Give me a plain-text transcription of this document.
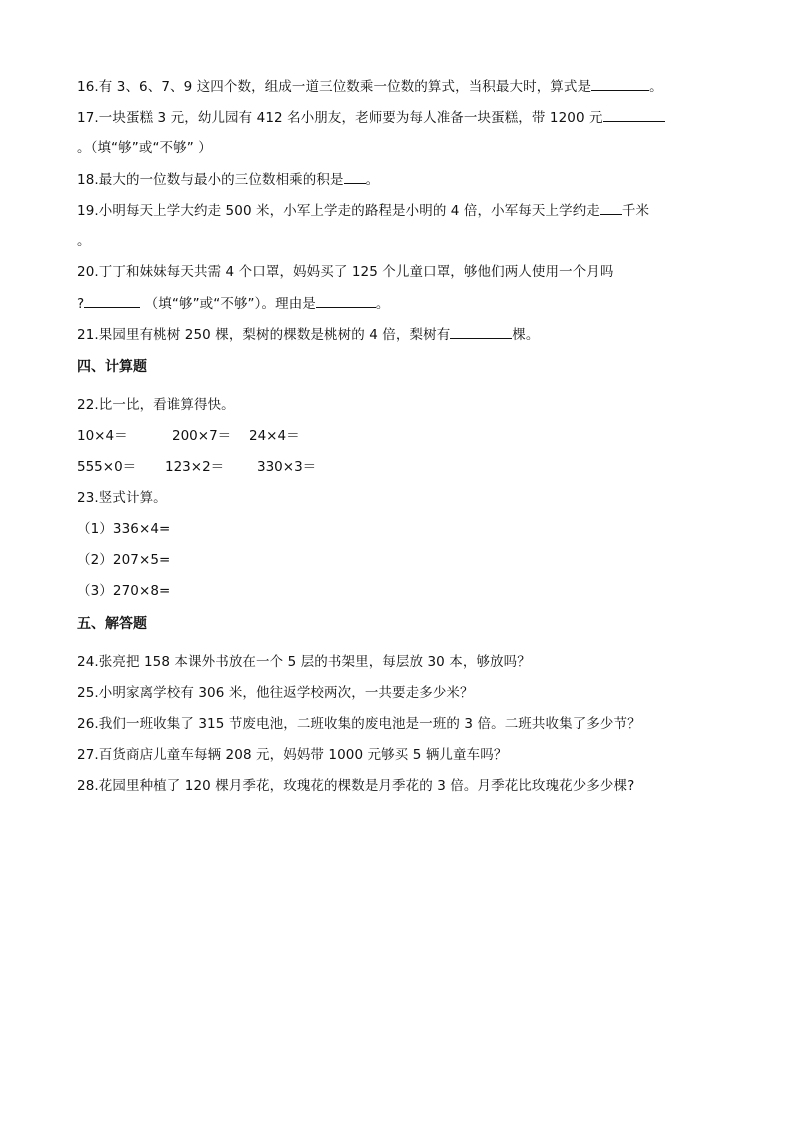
16.有 3、6、7、9 这四个数，组成一道三位数乘一位数的算式，当积最大时，算式是	。
17.一块蛋糕 3 元，幼儿园有 412 名小朋友，老师要为每人准备一块蛋糕，带 1200 元
。（填“够”或“不够” ）
18.最大的一位数与最小的三位数相乘的积是 。
19.小明每天上学大约走 500 米，小军上学走的路程是小明的 4 倍，小军每天上学约走 千米
。
20.丁丁和妹妹每天共需 4 个口罩，妈妈买了 125 个儿童口罩，够他们两人使用一个月吗
?	（填“够”或“不够”）。理由是	。
21.果园里有桃树 250 棵，梨树的棵数是桃树的 4 倍，梨树有	棵。
四、计算题
22.比一比，看谁算得快。
10×4＝	200×7＝ 24×4＝
555×0＝ 123×2＝ 330×3＝
23.竖式计算。
（1）336×4=
（2）207×5=
（3）270×8=
五、解答题
24.张亮把 158 本课外书放在一个 5 层的书架里，每层放 30 本，够放吗？
25.小明家离学校有 306 米，他往返学校两次，一共要走多少米？
26.我们一班收集了 315 节废电池，二班收集的废电池是一班的 3 倍。二班共收集了多少节？
27.百货商店儿童车每辆 208 元，妈妈带 1000 元够买 5 辆儿童车吗？
28.花园里种植了 120 棵月季花，玫瑰花的棵数是月季花的 3 倍。月季花比玫瑰花少多少棵?
